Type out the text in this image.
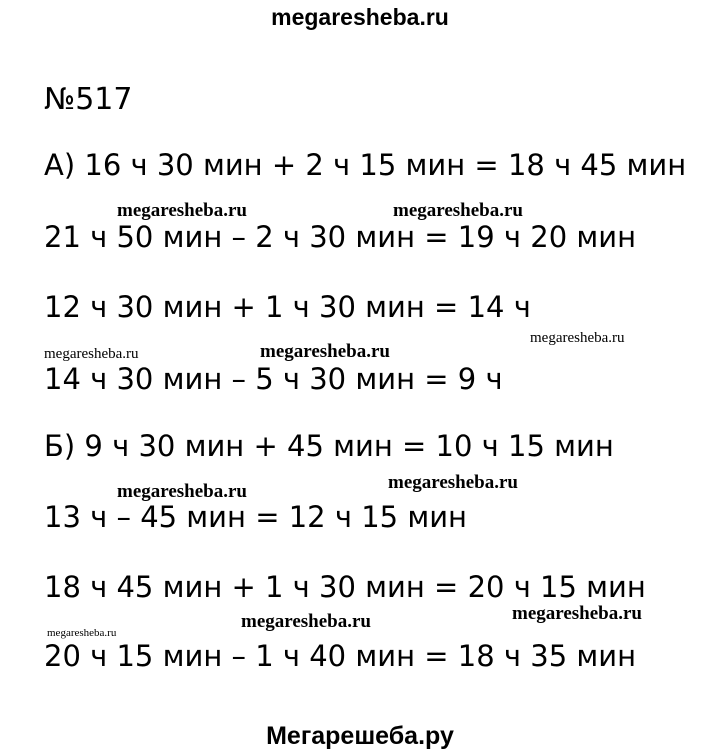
megaresheba.ru
№517
А) 16 ч 30 мин + 2 ч 15 мин = 18 ч 45 мин
21 ч 50 мин – 2 ч 30 мин = 19 ч 20 мин
12 ч 30 мин + 1 ч 30 мин = 14 ч
14 ч 30 мин – 5 ч 30 мин = 9 ч
Б) 9 ч 30 мин + 45 мин = 10 ч 15 мин
13 ч – 45 мин = 12 ч 15 мин
18 ч 45 мин + 1 ч 30 мин = 20 ч 15 мин
20 ч 15 мин – 1 ч 40 мин = 18 ч 35 мин
megaresheba.ru	megaresheba.ru
megaresheba.ru
megaresheba.ru	megaresheba.ru
megaresheba.ru
megaresheba.ru
megaresheba.ru
megaresheba.ru
megaresheba.ru
Мегарешеба.ру
